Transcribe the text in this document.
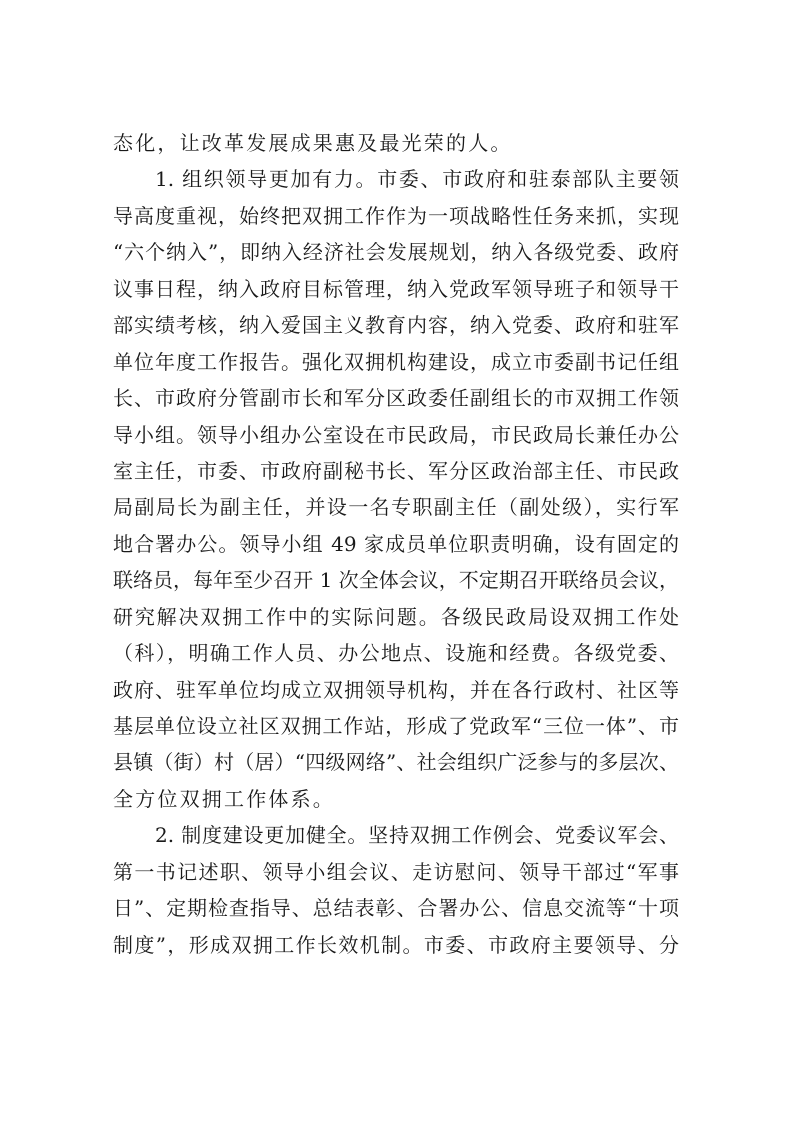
态化，让改革发展成果惠及最光荣的人。
1. 组织领导更加有力。市委、市政府和驻泰部队主要领
导高度重视，始终把双拥工作作为一项战略性任务来抓，实现
“六个纳入”，即纳入经济社会发展规划，纳入各级党委、政府
议事日程，纳入政府目标管理，纳入党政军领导班子和领导干
部实绩考核，纳入爱国主义教育内容，纳入党委、政府和驻军
单位年度工作报告。强化双拥机构建设，成立市委副书记任组
长、市政府分管副市长和军分区政委任副组长的市双拥工作领
导小组。领导小组办公室设在市民政局，市民政局长兼任办公
室主任，市委、市政府副秘书长、军分区政治部主任、市民政
局副局长为副主任，并设一名专职副主任（副处级），实行军
地合署办公。领导小组 49 家成员单位职责明确，设有固定的
联络员，每年至少召开 1 次全体会议，不定期召开联络员会议，
研究解决双拥工作中的实际问题。各级民政局设双拥工作处
（科），明确工作人员、办公地点、设施和经费。各级党委、
政府、驻军单位均成立双拥领导机构，并在各行政村、社区等
基层单位设立社区双拥工作站，形成了党政军“三位一体”、市
县镇（街）村（居）“四级网络”、社会组织广泛参与的多层次、
全方位双拥工作体系。
2. 制度建设更加健全。坚持双拥工作例会、党委议军会、
第一书记述职、领导小组会议、走访慰问、领导干部过“军事
日”、定期检查指导、总结表彰、合署办公、信息交流等“十项
制度”，形成双拥工作长效机制。市委、市政府主要领导、分
